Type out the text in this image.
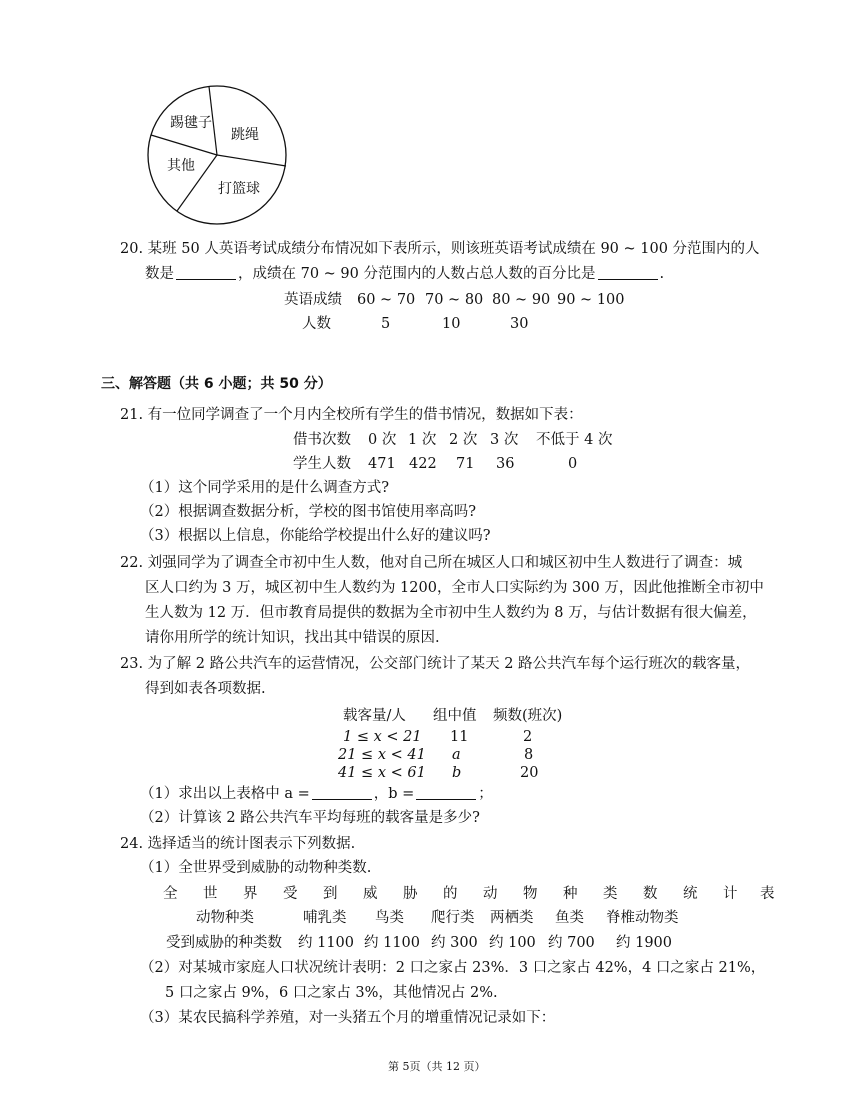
踢毽子
跳绳
其他
打篮球
20. 某班 50 人英语考试成绩分布情况如下表所示，则该班英语考试成绩在 90 ~ 100 分范围内的人
数是	，成绩在 70 ~ 90 分范围内的人数占总人数的百分比是	.
英语成绩 60 ~ 70 70 ~ 80 80 ~ 90 90 ~ 100
人数	5	10	30
三、解答题（共 6 小题；共 50 分）
21. 有一位同学调查了一个月内全校所有学生的借书情况，数据如下表：
借书次数 0 次 1 次 2 次 3 次 不低于 4 次
学生人数 471 422 71 36	0
（1）这个同学采用的是什么调查方式?
（2）根据调查数据分析，学校的图书馆使用率高吗?
（3）根据以上信息，你能给学校提出什么好的建议吗?
22. 刘强同学为了调查全市初中生人数，他对自己所在城区人口和城区初中生人数进行了调查：城
区人口约为 3 万，城区初中生人数约为 1200，全市人口实际约为 300 万，因此他推断全市初中
生人数为 12 万．但市教育局提供的数据为全市初中生人数约为 8 万，与估计数据有很大偏差，
请你用所学的统计知识，找出其中错误的原因.
23. 为了解 2 路公共汽车的运营情况，公交部门统计了某天 2 路公共汽车每个运行班次的载客量，
得到如表各项数据.
载客量/人 组中值 频数(班次)
1 ≤ x < 21 11	2
21 ≤ x < 41 a	8
41 ≤ x < 61 b	20
（1）求出以上表格中 a =	，b =	；
（2）计算该 2 路公共汽车平均每班的载客量是多少?
24. 选择适当的统计图表示下列数据.
（1）全世界受到威胁的动物种类数.
全 世 界 受 到 威 胁 的 动 物 种 类 数 统 计 表
动物种类	哺乳类 鸟类 爬行类 两栖类 鱼类 脊椎动物类
受到威胁的种类数 约 1100 约 1100 约 300 约 100 约 700 约 1900
（2）对某城市家庭人口状况统计表明：2 口之家占 23%．3 口之家占 42%，4 口之家占 21%，
5 口之家占 9%，6 口之家占 3%，其他情况占 2%.
（3）某农民搞科学养殖，对一头猪五个月的增重情况记录如下：
第 5页（共 12 页）
